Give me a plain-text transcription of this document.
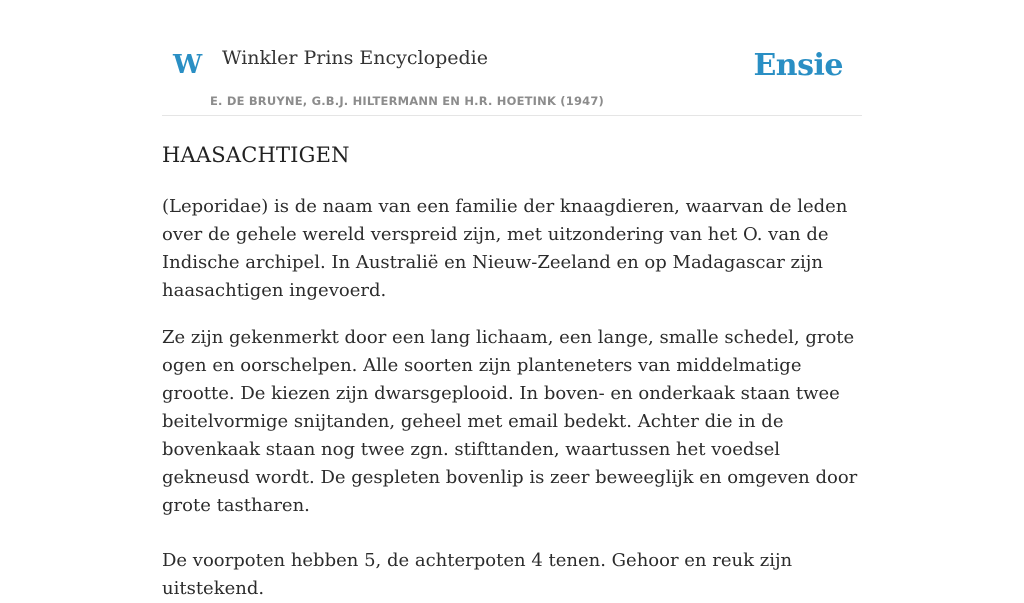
W Winkler Prins Encyclopedie
E. DE BRUYNE, G.B.J. HILTERMANN EN H.R. HOETINK (1947)
Ensie
HAASACHTIGEN

(Leporidae) is de naam van een familie der knaagdieren, waarvan de leden over de gehele wereld verspreid zijn, met uitzondering van het O. van de Indische archipel. In Australië en Nieuw-Zeeland en op Madagascar zijn haasachtigen ingevoerd.

Ze zijn gekenmerkt door een lang lichaam, een lange, smalle schedel, grote ogen en oorschelpen. Alle soorten zijn planteneters van middelmatige grootte. De kiezen zijn dwarsgeplooid. In boven- en onderkaak staan twee beitelvormige snijtanden, geheel met email bedekt. Achter die in de bovenkaak staan nog twee zgn. stifttanden, waartussen het voedsel gekneusd wordt. De gespleten bovenlip is zeer beweeglijk en omgeven door grote tastharen.

De voorpoten hebben 5, de achterpoten 4 tenen. Gehoor en reuk zijn uitstekend.
